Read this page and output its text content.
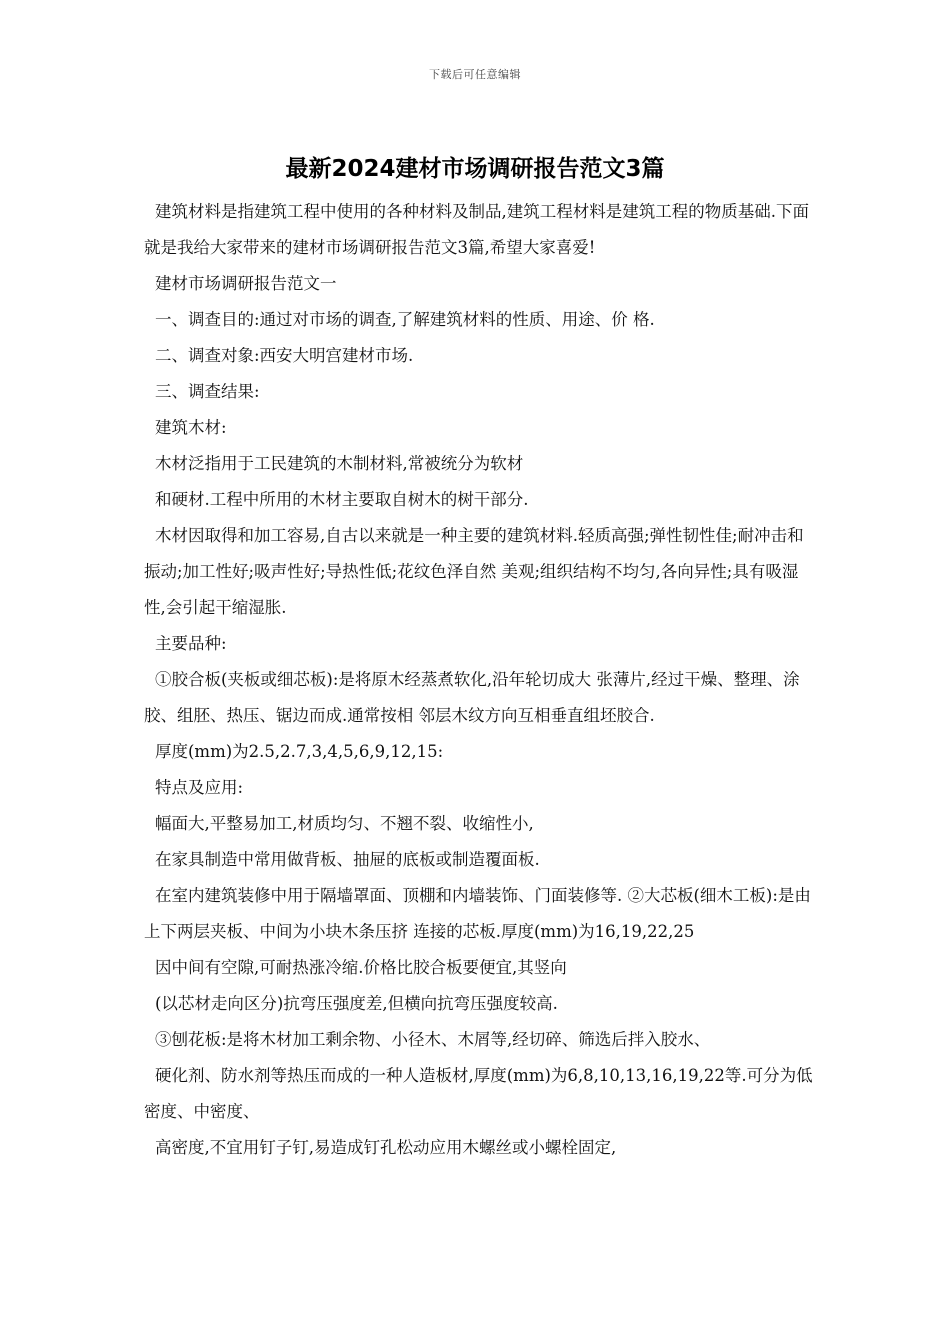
下载后可任意编辑
最新2024建材市场调研报告范文3篇

建筑材料是指建筑工程中使用的各种材料及制品,建筑工程材料是建筑工程的物质基础.下面就是我给大家带来的建材市场调研报告范文3篇,希望大家喜爱!

建材市场调研报告范文一

一、调查目的:通过对市场的调查,了解建筑材料的性质、用途、价 格.

二、调查对象:西安大明宫建材市场.

三、调查结果:

建筑木材:

木材泛指用于工民建筑的木制材料,常被统分为软材

和硬材.工程中所用的木材主要取自树木的树干部分.

木材因取得和加工容易,自古以来就是一种主要的建筑材料.轻质高强;弹性韧性佳;耐冲击和振动;加工性好;吸声性好;导热性低;花纹色泽自然 美观;组织结构不均匀,各向异性;具有吸湿性,会引起干缩湿胀.

主要品种:

①胶合板(夹板或细芯板):是将原木经蒸煮软化,沿年轮切成大 张薄片,经过干燥、整理、涂胶、组胚、热压、锯边而成.通常按相 邻层木纹方向互相垂直组坯胶合.

厚度(mm)为2.5,2.7,3,4,5,6,9,12,15:

特点及应用:

幅面大,平整易加工,材质均匀、不翘不裂、收缩性小,

在家具制造中常用做背板、抽屉的底板或制造覆面板.

在室内建筑装修中用于隔墙罩面、顶棚和内墙装饰、门面装修等. ②大芯板(细木工板):是由上下两层夹板、中间为小块木条压挤 连接的芯板.厚度(mm)为16,19,22,25

因中间有空隙,可耐热涨冷缩.价格比胶合板要便宜,其竖向

(以芯材走向区分)抗弯压强度差,但横向抗弯压强度较高.

③刨花板:是将木材加工剩余物、小径木、木屑等,经切碎、筛选后拌入胶水、

硬化剂、防水剂等热压而成的一种人造板材,厚度(mm)为6,8,10,13,16,19,22等.可分为低密度、中密度、

高密度,不宜用钉子钉,易造成钉孔松动应用木螺丝或小螺栓固定,
